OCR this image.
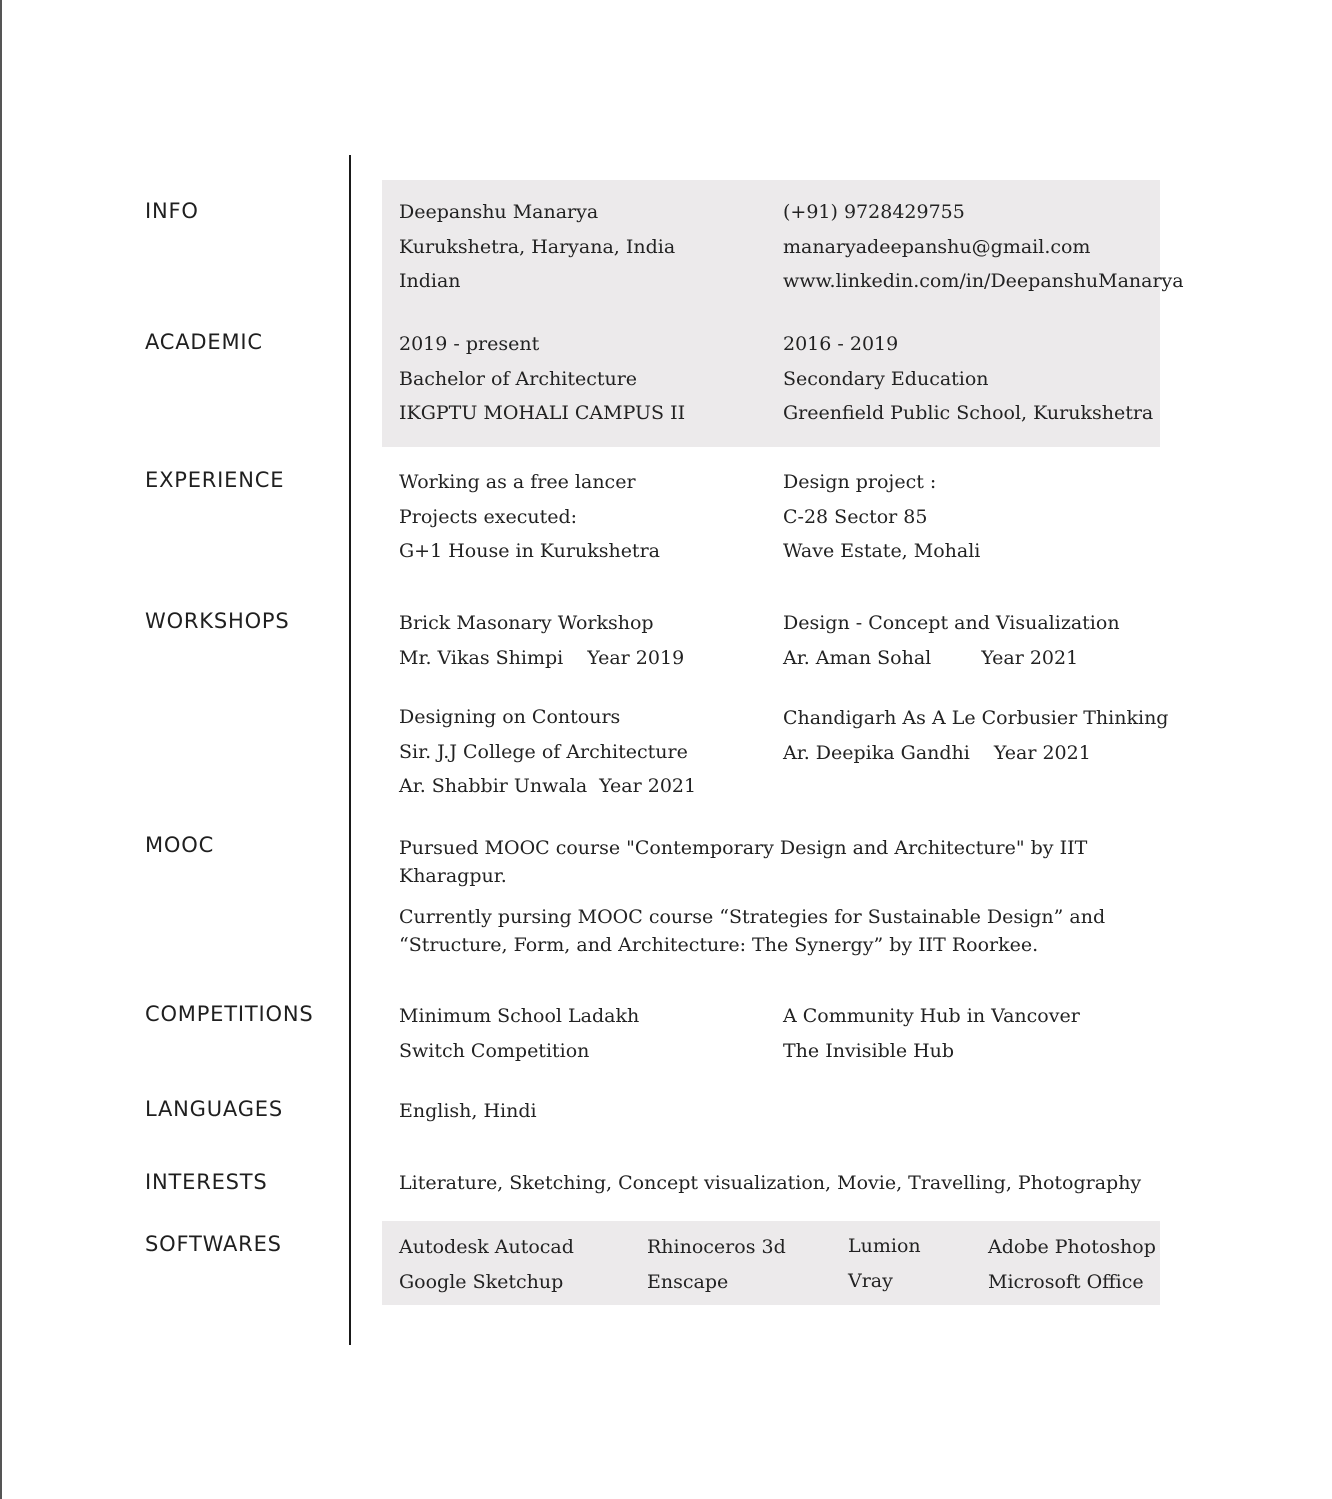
INFO
ACADEMIC
EXPERIENCE
WORKSHOPS
MOOC
COMPETITIONS
LANGUAGES
INTERESTS
SOFTWARES
Deepanshu Manarya
Kurukshetra, Haryana, India
Indian
(+91) 9728429755
manaryadeepanshu@gmail.com
www.linkedin.com/in/DeepanshuManarya
2019 - present
Bachelor of Architecture
IKGPTU MOHALI CAMPUS II
2016 - 2019
Secondary Education
Greenfield Public School, Kurukshetra
Working as a free lancer
Projects executed:
G+1 House in Kurukshetra
Design project :
C-28 Sector 85
Wave Estate, Mohali
Brick Masonary Workshop
Mr. Vikas Shimpi Year 2019
Design - Concept and Visualization
Ar. Aman Sohal	Year 2021
Designing on Contours
Sir. J.J College of Architecture
Ar. Shabbir Unwala Year 2021
Chandigarh As A Le Corbusier Thinking
Ar. Deepika Gandhi Year 2021
Pursued MOOC course "Contemporary Design and Architecture" by IIT Kharagpur.
Currently pursing MOOC course “Strategies for Sustainable Design” and “Structure, Form, and Architecture: The Synergy” by IIT Roorkee.
Minimum School Ladakh
Switch Competition
A Community Hub in Vancover
The Invisible Hub
English, Hindi
Literature, Sketching, Concept visualization, Movie, Travelling, Photography
Autodesk Autocad
Google Sketchup
Rhinoceros 3d
Enscape
Lumion
Vray
Adobe Photoshop
Microsoft Office
